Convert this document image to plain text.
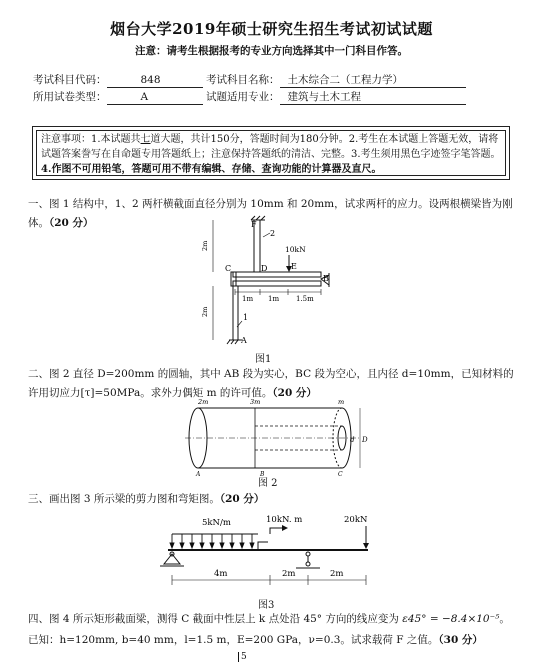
烟台大学2019年硕士研究生招生考试初试试题
注意：请考生根据报考的专业方向选择其中一门科目作答。
考试科目代码：	848	考试科目名称： 土木综合二（工程力学）
所用试卷类型：	A	试题适用专业： 建筑与土木工程
注意事项：1.本试题共七道大题，共计150分，答题时间为180分钟。2.考生在本试题上答题无效，请将试题答案誊写在自命题专用答题纸上；注意保持答题纸的清洁、完整。3.考生须用黑色字迹签字笔答题。4.作图不可用铅笔，答题可用不带有编辑、存储、查询功能的计算器及直尺。
一、图 1 结构中，1、2 两杆横截面直径分别为 10mm 和 20mm，试求两杆的应力。设两根横梁皆为刚体。（20 分）	F
2
C	D	E
B
10kN
A
1
2m
2m
1m 1m 1.5m
图1
二、图 2 直径 D=200mm 的圆轴，其中 AB 段为实心，BC 段为空心，且内径 d=10mm，已知材料的许用切应力[τ]=50MPa。求外力偶矩 m 的许可值。（20 分）
2m	3m	m
A	B	C
d D
图 2
三、画出图 3 所示梁的剪力图和弯矩图。（20 分）
5kN/m	10kN. m	20kN
4m	2m	2m
图3
四、图 4 所示矩形截面梁，测得 C 截面中性层上 k 点处沿 45° 方向的线应变为 ε45° = −8.4×10⁻⁵。
已知：h=120mm, b=40 mm，l=1.5 m，E=200 GPa，ν=0.3。试求载荷 F 之值。（30 分）
5
